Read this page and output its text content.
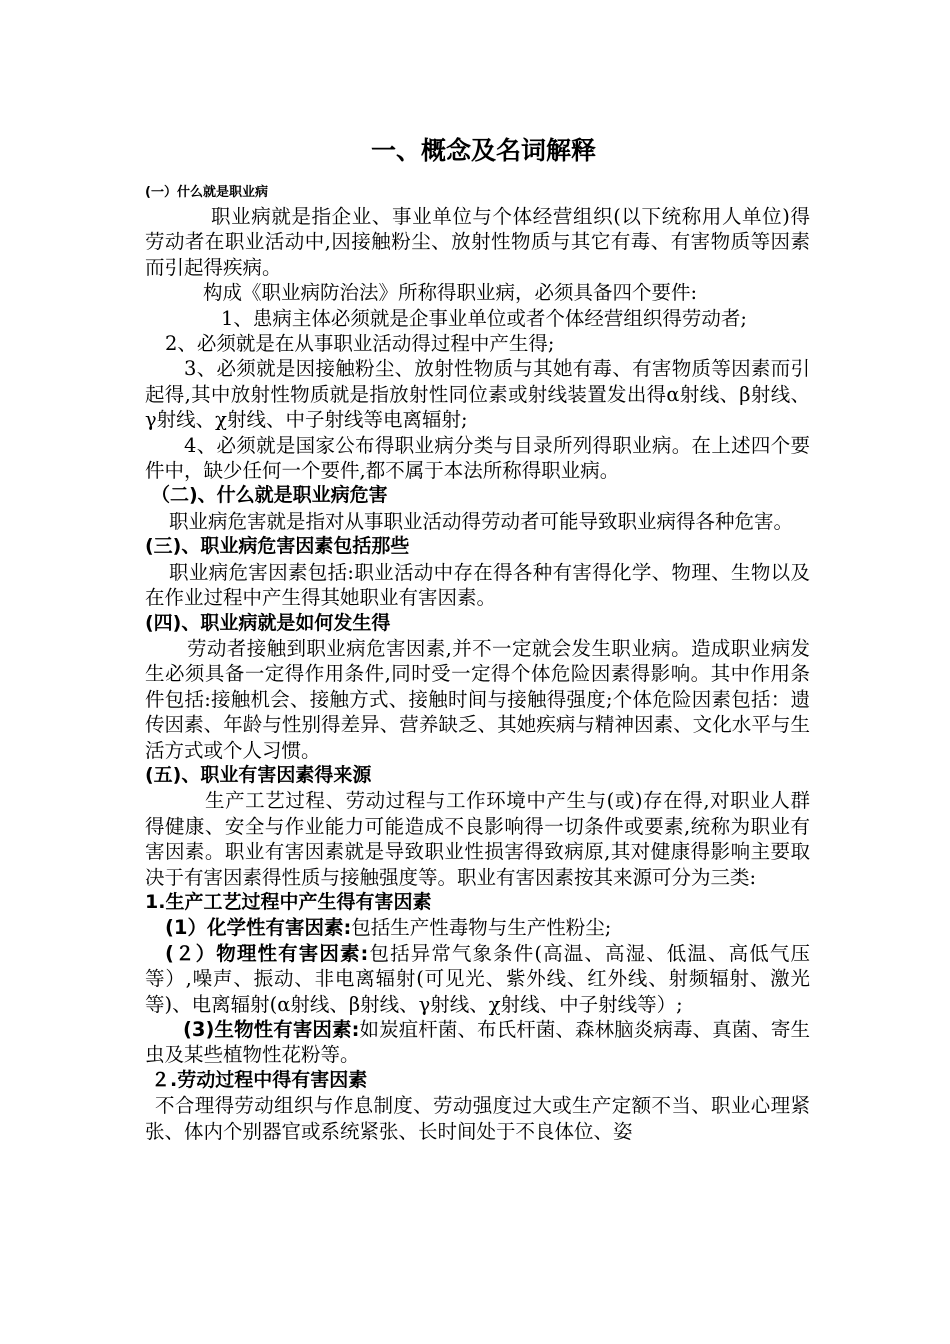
一、概念及名词解释
(一）什么就是职业病

职业病就是指企业、事业单位与个体经营组织(以下统称用人单位)得劳动者在职业活动中,因接触粉尘、放射性物质与其它有毒、有害物质等因素而引起得疾病。

构成《职业病防治法》所称得职业病，必须具备四个要件:

1、患病主体必须就是企事业单位或者个体经营组织得劳动者;

2、必须就是在从事职业活动得过程中产生得;

3、必须就是因接触粉尘、放射性物质与其她有毒、有害物质等因素而引起得,其中放射性物质就是指放射性同位素或射线装置发出得α射线、β射线、γ射线、χ射线、中子射线等电离辐射;

4、必须就是国家公布得职业病分类与目录所列得职业病。在上述四个要件中，缺少任何一个要件,都不属于本法所称得职业病。

（二)、什么就是职业病危害

职业病危害就是指对从事职业活动得劳动者可能导致职业病得各种危害。

(三)、职业病危害因素包括那些

职业病危害因素包括:职业活动中存在得各种有害得化学、物理、生物以及在作业过程中产生得其她职业有害因素。

(四)、职业病就是如何发生得

劳动者接触到职业病危害因素,并不一定就会发生职业病。造成职业病发生必须具备一定得作用条件,同时受一定得个体危险因素得影响。其中作用条件包括:接触机会、接触方式、接触时间与接触得强度;个体危险因素包括：遗传因素、年龄与性别得差异、营养缺乏、其她疾病与精神因素、文化水平与生活方式或个人习惯。

(五)、职业有害因素得来源

生产工艺过程、劳动过程与工作环境中产生与(或)存在得,对职业人群得健康、安全与作业能力可能造成不良影响得一切条件或要素,统称为职业有害因素。职业有害因素就是导致职业性损害得致病原,其对健康得影响主要取决于有害因素得性质与接触强度等。职业有害因素按其来源可分为三类:

1.生产工艺过程中产生得有害因素

(1）化学性有害因素:包括生产性毒物与生产性粉尘;

(２）物理性有害因素:包括异常气象条件(高温、高湿、低温、高低气压等）,噪声、振动、非电离辐射(可见光、紫外线、红外线、射频辐射、激光等)、电离辐射(α射线、β射线、γ射线、χ射线、中子射线等）;

(3)生物性有害因素:如炭疽杆菌、布氏杆菌、森林脑炎病毒、真菌、寄生虫及某些植物性花粉等。

２.劳动过程中得有害因素

不合理得劳动组织与作息制度、劳动强度过大或生产定额不当、职业心理紧张、体内个别器官或系统紧张、长时间处于不良体位、姿
